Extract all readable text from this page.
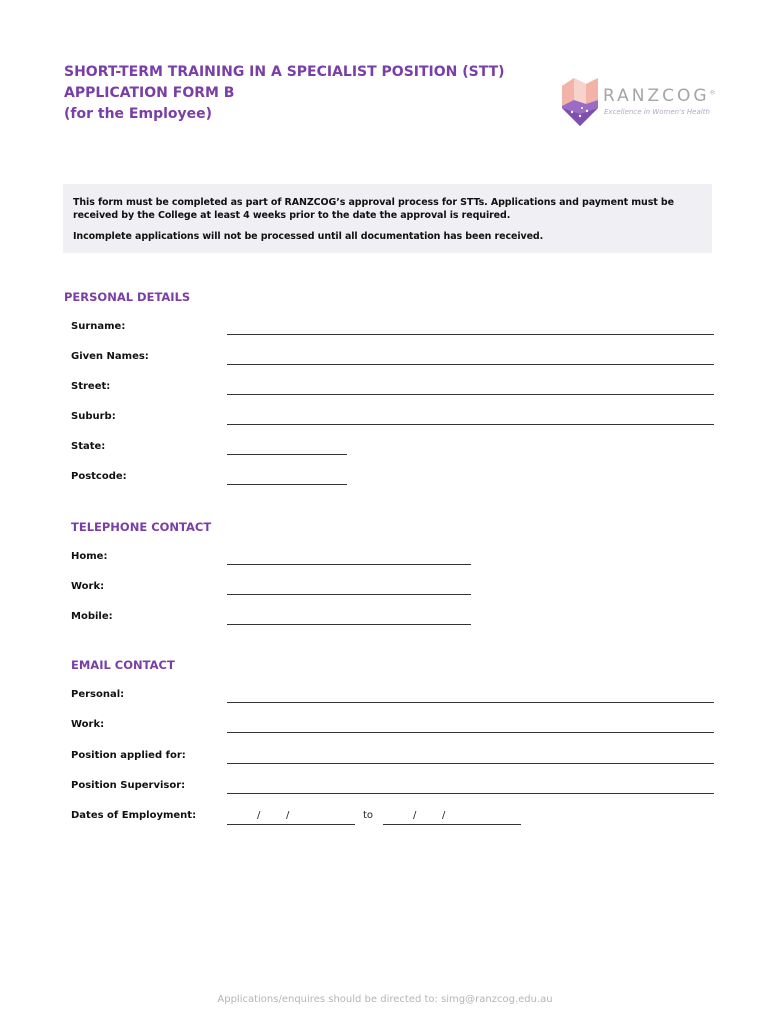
SHORT-TERM TRAINING IN A SPECIALIST POSITION (STT)
APPLICATION FORM B
(for the Employee)
RANZCOG®
Excellence in Women's Health

This form must be completed as part of RANZCOG’s approval process for STTs. Applications and payment must be received by the College at least 4 weeks prior to the date the approval is required.

Incomplete applications will not be processed until all documentation has been received.

PERSONAL DETAILS
Surname:
Given Names:
Street:
Suburb:
State:
Postcode:
TELEPHONE CONTACT
Home:
Work:
Mobile:
EMAIL CONTACT
Personal:
Work:
Position applied for:
Position Supervisor:
Dates of Employment:	/	/	to	/	/
Applications/enquires should be directed to: simg@ranzcog.edu.au
